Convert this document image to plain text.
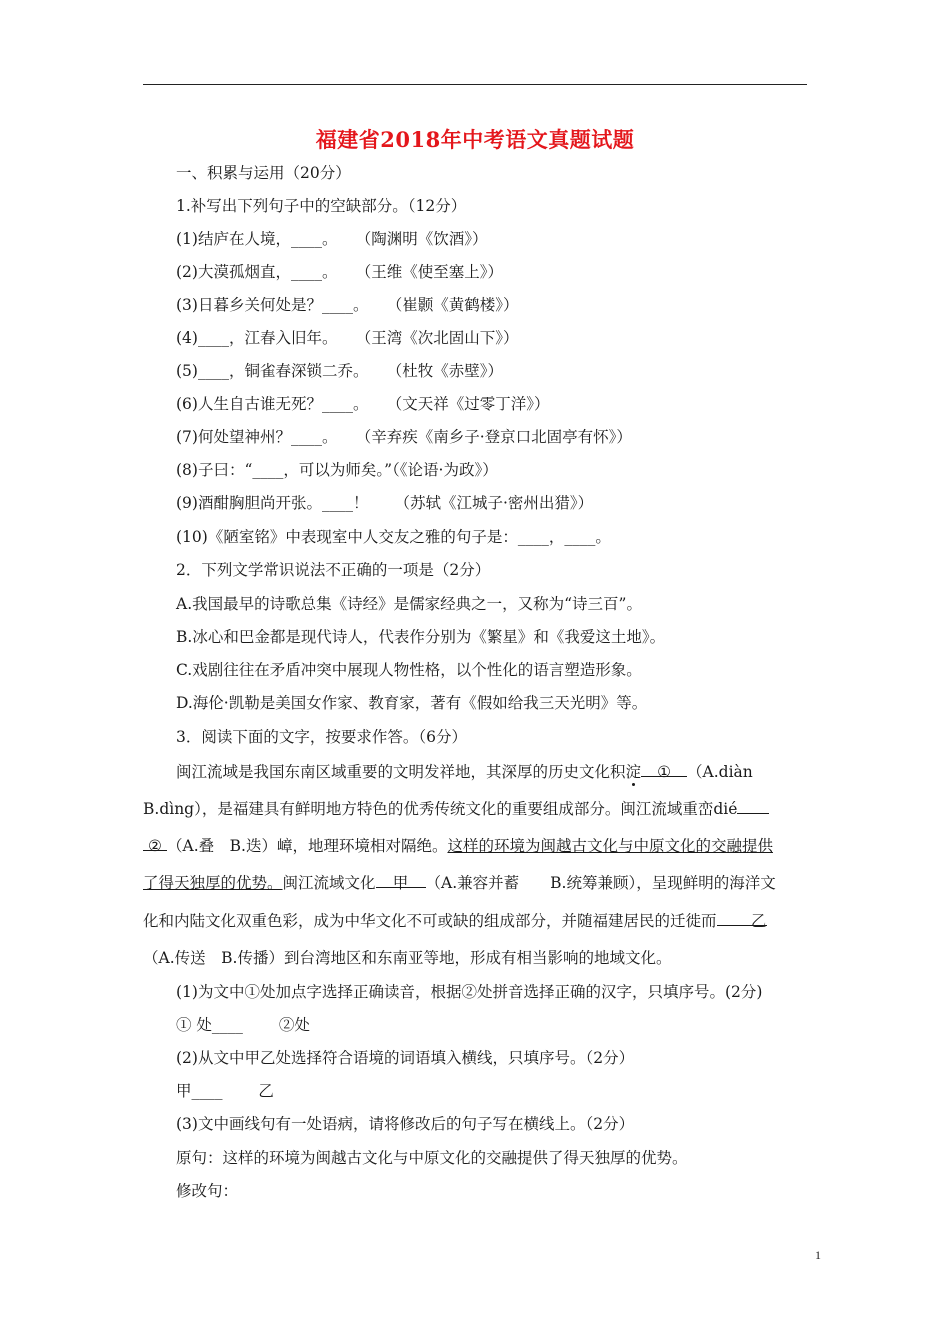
福建省2018年中考语文真题试题
一、积累与运用（20分）
1.补写出下列句子中的空缺部分。（12分）
(1)结庐在人境，____。 （陶渊明《饮酒》）
(2)大漠孤烟直，____。 （王维《使至塞上》）
(3)日暮乡关何处是？____。 （崔颢《黄鹤楼》）
(4)____，江春入旧年。 （王湾《次北固山下》）
(5)____，铜雀春深锁二乔。 （杜牧《赤壁》）
(6)人生自古谁无死？____。 （文天祥《过零丁洋》）
(7)何处望神州？____。 （辛弃疾《南乡子·登京口北固亭有怀》）
(8)子曰：“____，可以为师矣。”（《论语·为政》）
(9)酒酣胸胆尚开张。____！ （苏轼《江城子·密州出猎》）
(10)《陋室铭》中表现室中人交友之雅的句子是：____，____。
2．下列文学常识说法不正确的一项是（2分）
A.我国最早的诗歌总集《诗经》是儒家经典之一，又称为“诗三百”。
B.冰心和巴金都是现代诗人，代表作分别为《繁星》和《我爱这土地》。
C.戏剧往往在矛盾冲突中展现人物性格，以个性化的语言塑造形象。
D.海伦·凯勒是美国女作家、教育家，著有《假如给我三天光明》等。
3．阅读下面的文字，按要求作答。（6分）
闽江流域是我国东南区域重要的文明发祥地，其深厚的历史文化积淀 ① （A.diàn
B.dìng），是福建具有鲜明地方特色的优秀传统文化的重要组成部分。闽江流域重峦dié
② （A.叠　B.迭）嶂，地理环境相对隔绝。这样的环境为闽越古文化与中原文化的交融提供
了得天独厚的优势。闽江流域文化 甲 （A.兼容并蓄　　B.统筹兼顾），呈现鲜明的海洋文
化和内陆文化双重色彩，成为中华文化不可或缺的组成部分，并随福建居民的迁徙而 乙
（A.传送　B.传播）到台湾地区和东南亚等地，形成有相当影响的地域文化。
(1)为文中①处加点字选择正确读音，根据②处拼音选择正确的汉字，只填序号。(2分)
① 处____　　 ②处
(2)从文中甲乙处选择符合语境的词语填入横线，只填序号。（2分）
甲____　　 乙
(3)文中画线句有一处语病，请将修改后的句子写在横线上。（2分）
原句：这样的环境为闽越古文化与中原文化的交融提供了得天独厚的优势。
修改句：
1
